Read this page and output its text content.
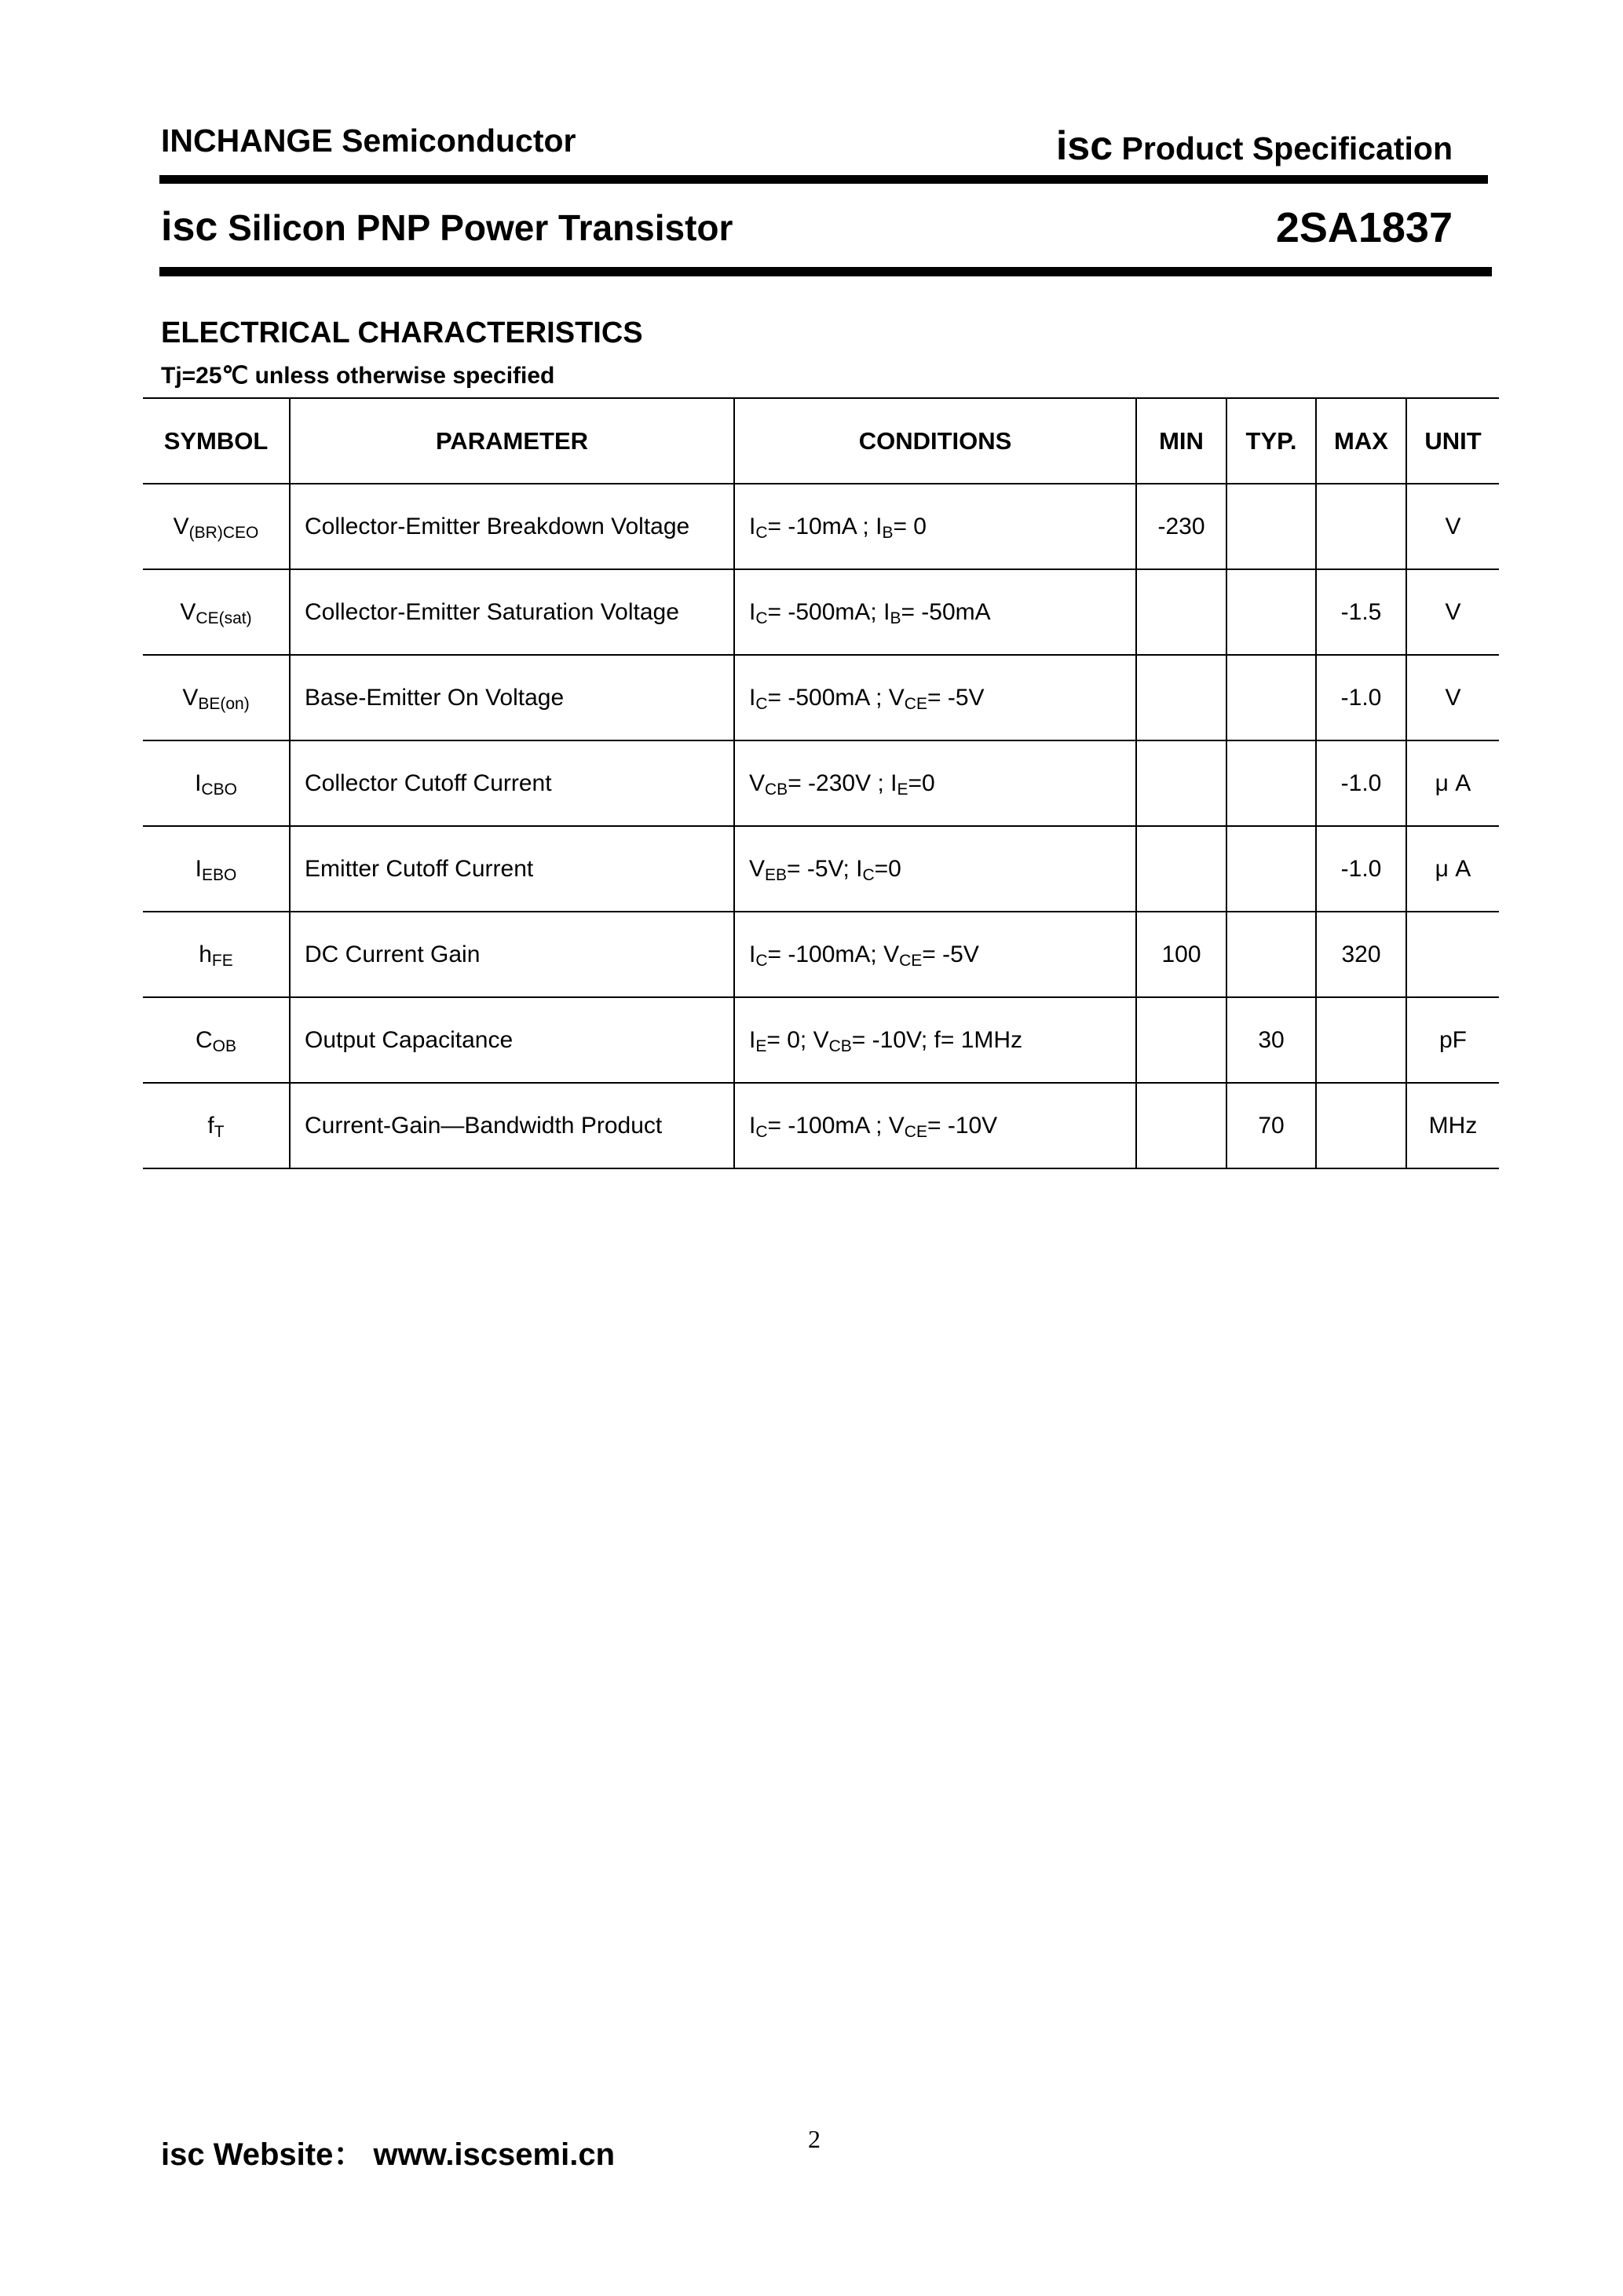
INCHANGE Semiconductor	isc Product Specification
isc Silicon PNP Power Transistor	2SA1837
ELECTRICAL CHARACTERISTICS
Tj=25℃ unless otherwise specified
SYMBOL	PARAMETER	CONDITIONS	MIN	TYP.	MAX	UNIT
$V_{(BR)CEO}$	Collector-Emitter Breakdown Voltage	$I_C= -10mA$ ; $I_B= 0$	-230			V
$V_{CE(sat)}$	Collector-Emitter Saturation Voltage	$I_C= -500mA$; $I_B= -50mA$			-1.5	V
$V_{BE(on)}$	Base-Emitter On Voltage	$I_C= -500mA$ ; $V_{CE}= -5V$			-1.0	V
$I_{CBO}$	Collector Cutoff Current	$V_{CB}= -230V$ ; $I_E=0$			-1.0	μ A
$I_{EBO}$	Emitter Cutoff Current	$V_{EB}= -5V$; $I_C=0$			-1.0	μ A
$h_{FE}$	DC Current Gain	$I_C= -100mA$; $V_{CE}= -5V$	100		320	
$C_{OB}$	Output Capacitance	$I_E= 0$; $V_{CB}= -10V$; f= 1MHz		30		pF
$f_T$	Current-Gain—Bandwidth Product	$I_C= -100mA$ ; $V_{CE}= -10V$		70		MHz
isc Website： www.iscsemi.cn	2
